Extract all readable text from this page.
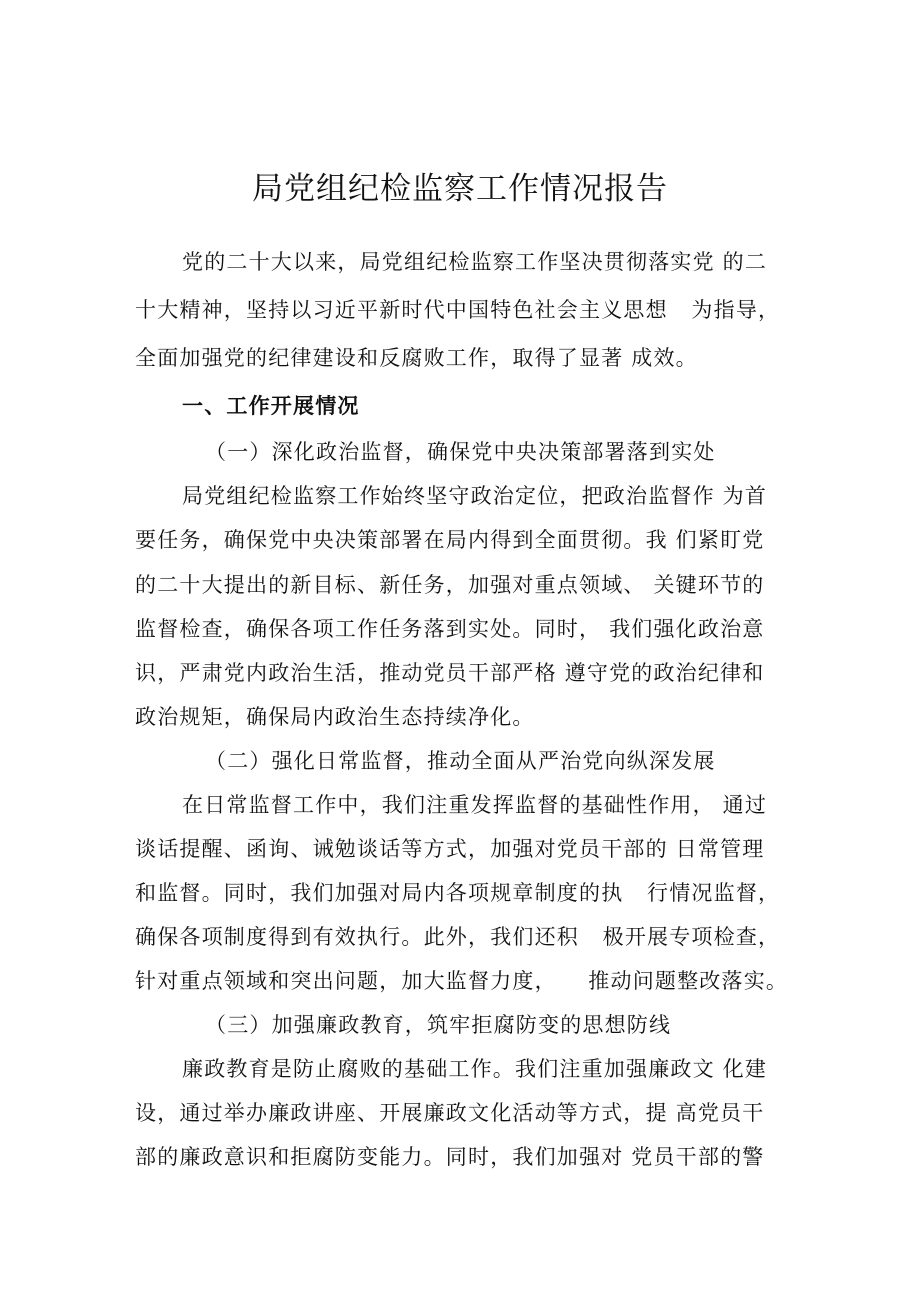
局党组纪检监察工作情况报告
党的二十大以来，局党组纪检监察工作坚决贯彻落实党 的二
十大精神，坚持以习近平新时代中国特色社会主义思想   为指导，
全面加强党的纪律建设和反腐败工作，取得了显著 成效。
一、工作开展情况
（一）深化政治监督，确保党中央决策部署落到实处
局党组纪检监察工作始终坚守政治定位，把政治监督作 为首
要任务，确保党中央决策部署在局内得到全面贯彻。我 们紧盯党
的二十大提出的新目标、新任务，加强对重点领域、 关键环节的
监督检查，确保各项工作任务落到实处。同时， 我们强化政治意
识，严肃党内政治生活，推动党员干部严格 遵守党的政治纪律和
政治规矩，确保局内政治生态持续净化。
（二）强化日常监督，推动全面从严治党向纵深发展
在日常监督工作中，我们注重发挥监督的基础性作用， 通过
谈话提醒、函询、诫勉谈话等方式，加强对党员干部的 日常管理
和监督。同时，我们加强对局内各项规章制度的执   行情况监督，
确保各项制度得到有效执行。此外，我们还积   极开展专项检查，
针对重点领域和突出问题，加大监督力度，    推动问题整改落实。
（三）加强廉政教育，筑牢拒腐防变的思想防线
廉政教育是防止腐败的基础工作。我们注重加强廉政文 化建
设，通过举办廉政讲座、开展廉政文化活动等方式，提 高党员干
部的廉政意识和拒腐防变能力。同时，我们加强对 党员干部的警
